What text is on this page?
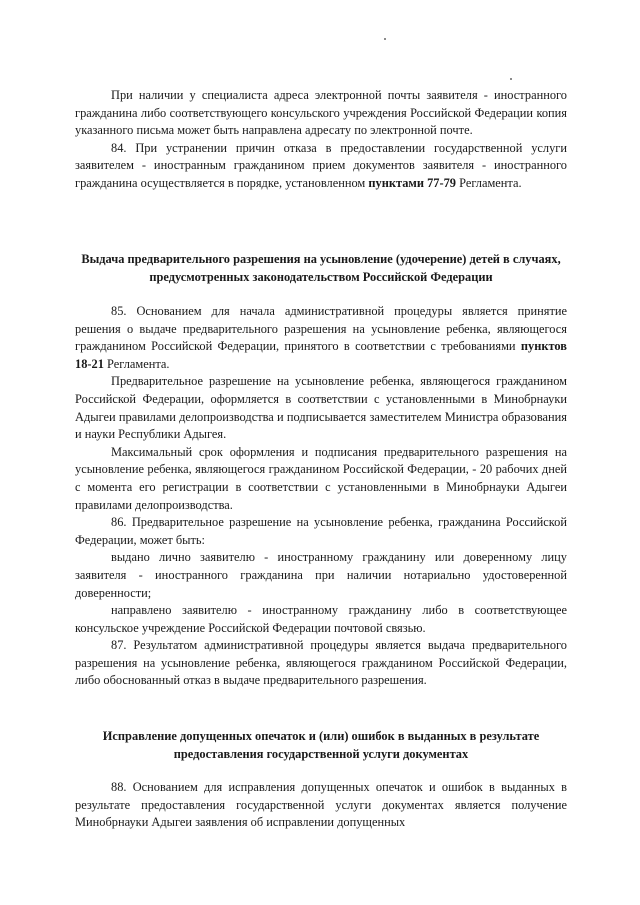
При наличии у специалиста адреса электронной почты заявителя - иностранного гражданина либо соответствующего консульского учреждения Российской Федерации копия указанного письма может быть направлена адресату по электронной почте.

84. При устранении причин отказа в предоставлении государственной услуги заявителем - иностранным гражданином прием документов заявителя - иностранного гражданина осуществляется в порядке, установленном пунктами 77-79 Регламента.

Выдача предварительного разрешения на усыновление (удочерение) детей в случаях, предусмотренных законодательством Российской Федерации

85. Основанием для начала административной процедуры является принятие решения о выдаче предварительного разрешения на усыновление ребенка, являющегося гражданином Российской Федерации, принятого в соответствии с требованиями пунктов 18-21 Регламента.

Предварительное разрешение на усыновление ребенка, являющегося гражданином Российской Федерации, оформляется в соответствии с установленными в Минобрнауки Адыгеи правилами делопроизводства и подписывается заместителем Министра образования и науки Республики Адыгея.

Максимальный срок оформления и подписания предварительного разрешения на усыновление ребенка, являющегося гражданином Российской Федерации, - 20 рабочих дней с момента его регистрации в соответствии с установленными в Минобрнауки Адыгеи правилами делопроизводства.

86. Предварительное разрешение на усыновление ребенка, гражданина Российской Федерации, может быть:

выдано лично заявителю - иностранному гражданину или доверенному лицу заявителя - иностранного гражданина при наличии нотариально удостоверенной доверенности;

направлено заявителю - иностранному гражданину либо в соответствующее консульское учреждение Российской Федерации почтовой связью.

87. Результатом административной процедуры является выдача предварительного разрешения на усыновление ребенка, являющегося гражданином Российской Федерации, либо обоснованный отказ в выдаче предварительного разрешения.

Исправление допущенных опечаток и (или) ошибок в выданных в результате предоставления государственной услуги документах

88. Основанием для исправления допущенных опечаток и ошибок в выданных в результате предоставления государственной услуги документах является получение Минобрнауки Адыгеи заявления об исправлении допущенных
